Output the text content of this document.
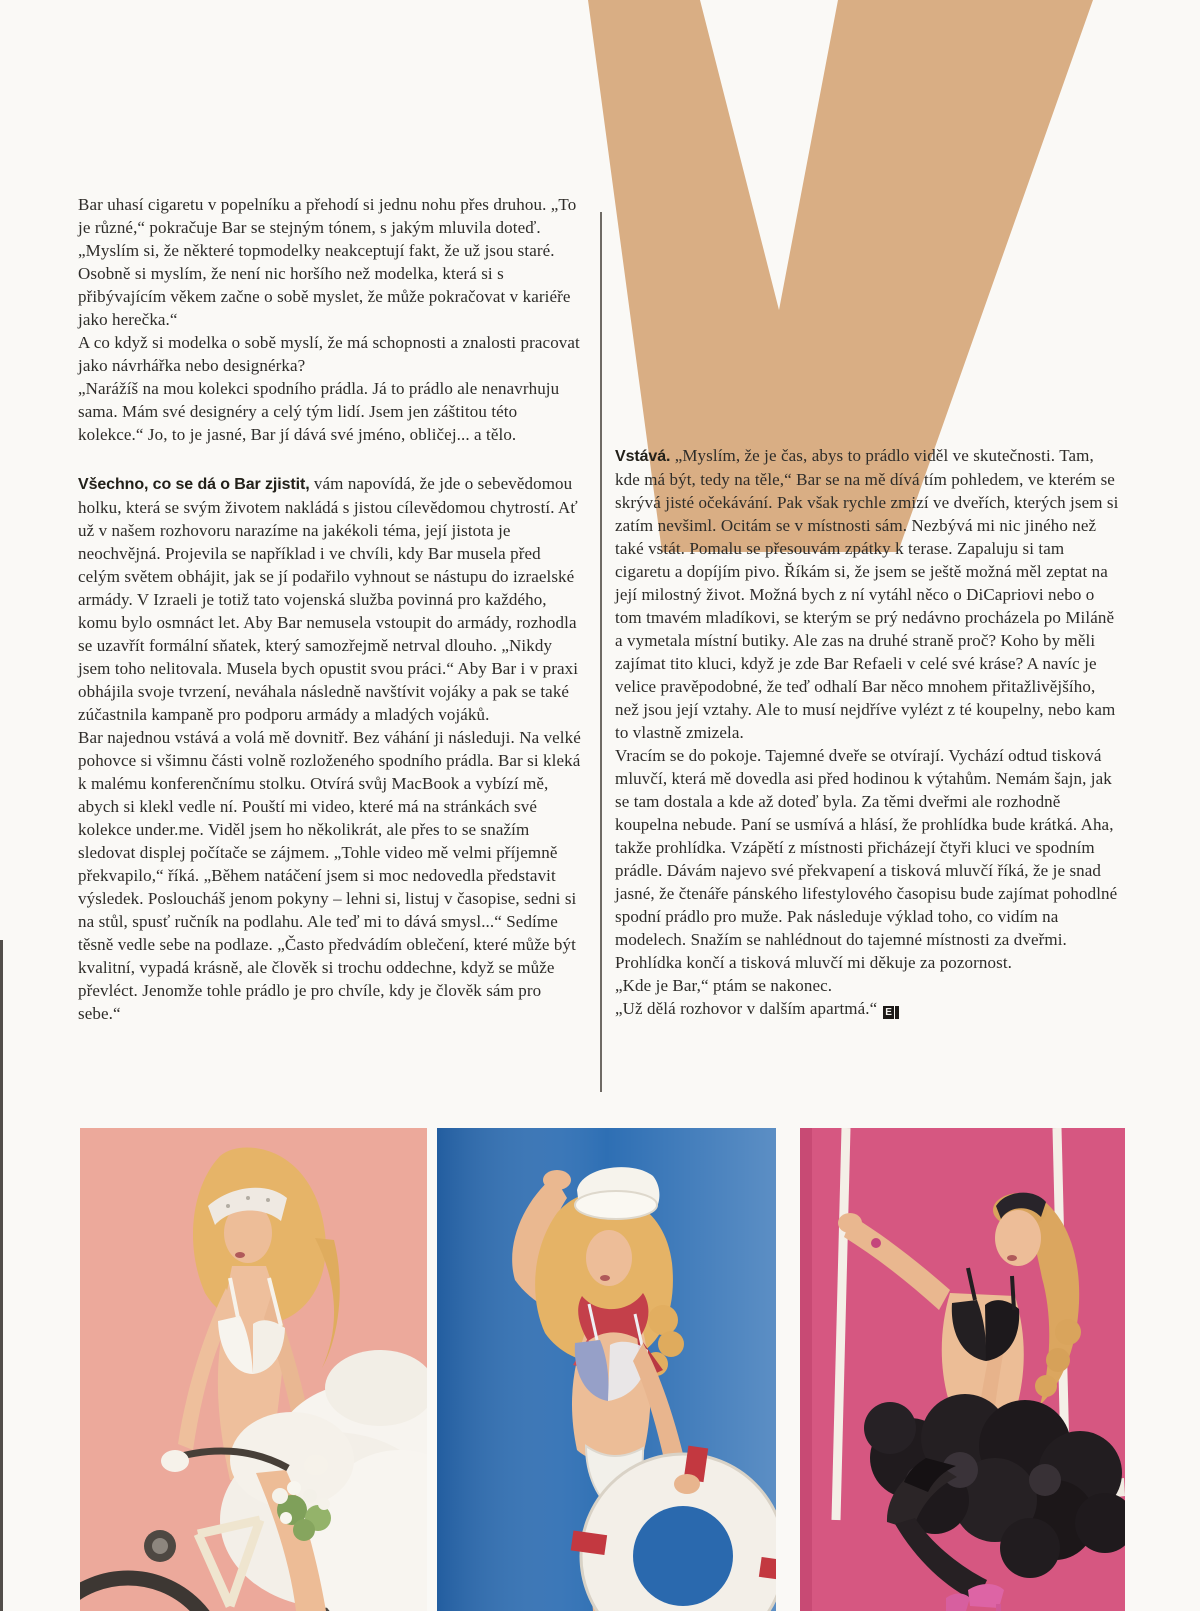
Bar uhasí cigaretu v popelníku a přehodí si jednu nohu přes druhou. „To je různé,“ pokračuje Bar se stejným tónem, s jakým mluvila doteď. „Myslím si, že některé topmodelky neakceptují fakt, že už jsou staré. Osobně si myslím, že není nic horšího než modelka, která si s přibývajícím věkem začne o sobě myslet, že může pokračovat v kariéře jako herečka.“
A co když si modelka o sobě myslí, že má schopnosti a znalosti pracovat jako návrhářka nebo designérka?
„Narážíš na mou kolekci spodního prádla. Já to prádlo ale nenavrhuju sama. Mám své designéry a celý tým lidí. Jsem jen záštitou této kolekce.“ Jo, to je jasné, Bar jí dává své jméno, obličej... a tělo.
Všechno, co se dá o Bar zjistit, vám napovídá, že jde o sebevědomou holku, která se svým životem nakládá s jistou cílevědomou chytrostí. Ať už v našem rozhovoru narazíme na jakékoli téma, její jistota je neochvějná. Projevila se například i ve chvíli, kdy Bar musela před celým světem obhájit, jak se jí podařilo vyhnout se nástupu do izraelské armády. V Izraeli je totiž tato vojenská služba povinná pro každého, komu bylo osmnáct let. Aby Bar nemusela vstoupit do armády, rozhodla se uzavřít formální sňatek, který samozřejmě netrval dlouho. „Nikdy jsem toho nelitovala. Musela bych opustit svou práci.“ Aby Bar i v praxi obhájila svoje tvrzení, neváhala následně navštívit vojáky a pak se také zúčastnila kampaně pro podporu armády a mladých vojáků.
Bar najednou vstává a volá mě dovnitř. Bez váhání ji následuji. Na velké pohovce si všimnu části volně rozloženého spodního prádla. Bar si kleká k malému konferenčnímu stolku. Otvírá svůj MacBook a vybízí mě, abych si klekl vedle ní. Pouští mi video, které má na stránkách své kolekce under.me. Viděl jsem ho několikrát, ale přes to se snažím sledovat displej počítače se zájmem. „Tohle video mě velmi příjemně překvapilo,“ říká. „Během natáčení jsem si moc nedovedla představit výsledek. Posloucháš jenom pokyny – lehni si, listuj v časopise, sedni si na stůl, spusť ručník na podlahu. Ale teď mi to dává smysl...“ Sedíme těsně vedle sebe na podlaze. „Často předvádím oblečení, které může být kvalitní, vypadá krásně, ale člověk si trochu oddechne, když se může převléct. Jenomže tohle prádlo je pro chvíle, kdy je člověk sám pro sebe.“
Vstává. „Myslím, že je čas, abys to prádlo viděl ve skutečnosti. Tam, kde má být, tedy na těle,“ Bar se na mě dívá tím pohledem, ve kterém se skrývá jisté očekávání. Pak však rychle zmizí ve dveřích, kterých jsem si zatím nevšiml. Ocitám se v místnosti sám. Nezbývá mi nic jiného než také vstát. Pomalu se přesouvám zpátky k terase. Zapaluju si tam cigaretu a dopíjím pivo. Říkám si, že jsem se ještě možná měl zeptat na její milostný život. Možná bych z ní vytáhl něco o DiCapriovi nebo o tom tmavém mladíkovi, se kterým se prý nedávno procházela po Miláně a vymetala místní butiky. Ale zas na druhé straně proč? Koho by měli zajímat tito kluci, když je zde Bar Refaeli v celé své kráse? A navíc je velice pravěpodobné, že teď odhalí Bar něco mnohem přitažlivějšího, než jsou její vztahy. Ale to musí nejdříve vylézt z té koupelny, nebo kam to vlastně zmizela.
Vracím se do pokoje. Tajemné dveře se otvírají. Vychází odtud tisková mluvčí, která mě dovedla asi před hodinou k výtahům. Nemám šajn, jak se tam dostala a kde až doteď byla. Za těmi dveřmi ale rozhodně koupelna nebude. Paní se usmívá a hlásí, že prohlídka bude krátká. Aha, takže prohlídka. Vzápětí z místnosti přicházejí čtyři kluci ve spodním prádle. Dávám najevo své překvapení a tisková mluvčí říká, že je snad jasné, že čtenáře pánského lifestylového časopisu bude zajímat pohodlné spodní prádlo pro muže. Pak následuje výklad toho, co vidím na modelech. Snažím se nahlédnout do tajemné místnosti za dveřmi. Prohlídka končí a tisková mluvčí mi děkuje za pozornost.
„Kde je Bar,“ ptám se nakonec.
„Už dělá rozhovor v dalším apartmá.“ E
